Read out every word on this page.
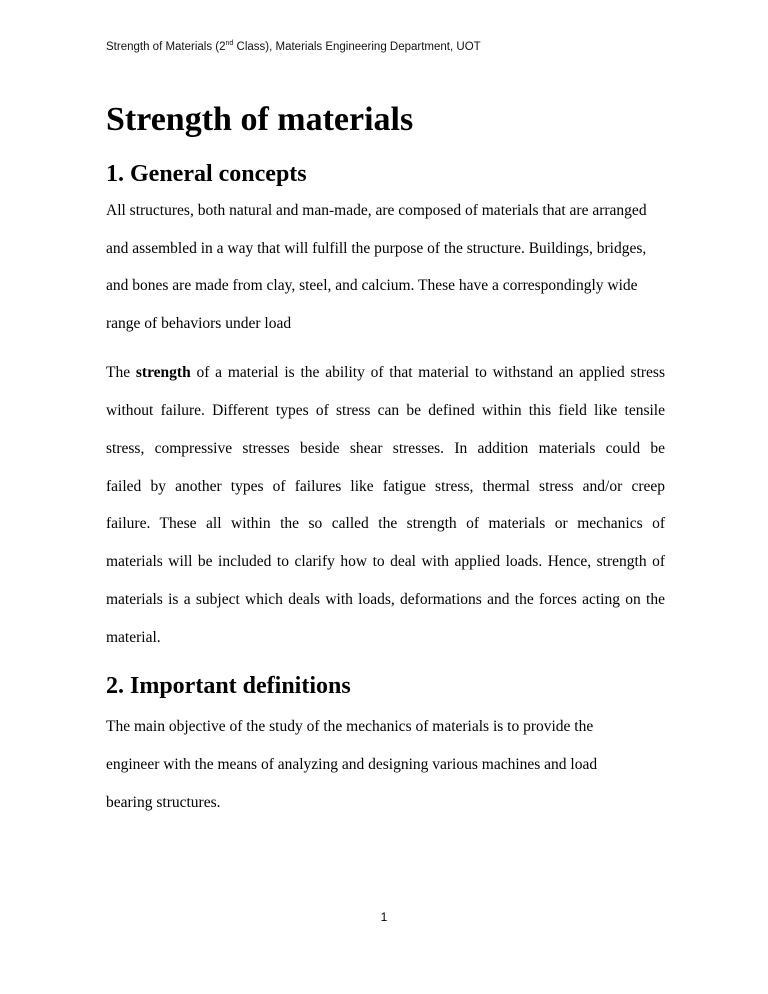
Strength of Materials (2nd Class), Materials Engineering Department, UOT
Strength of materials
1. General concepts
All structures, both natural and man-made, are composed of materials that are arranged
and assembled in a way that will fulfill the purpose of the structure. Buildings, bridges,
and bones are made from clay, steel, and calcium. These have a correspondingly wide
range of behaviors under load
The strength of a material is the ability of that material to withstand an applied stress
without failure. Different types of stress can be defined within this field like tensile
stress, compressive stresses beside shear stresses. In addition materials could be
failed by another types of failures like fatigue stress, thermal stress and/or creep
failure. These all within the so called the strength of materials or mechanics of
materials will be included to clarify how to deal with applied loads. Hence, strength of
materials is a subject which deals with loads, deformations and the forces acting on the
material.
2. Important definitions
The main objective of the study of the mechanics of materials is to provide the
engineer with the means of analyzing and designing various machines and load
bearing structures.
1
